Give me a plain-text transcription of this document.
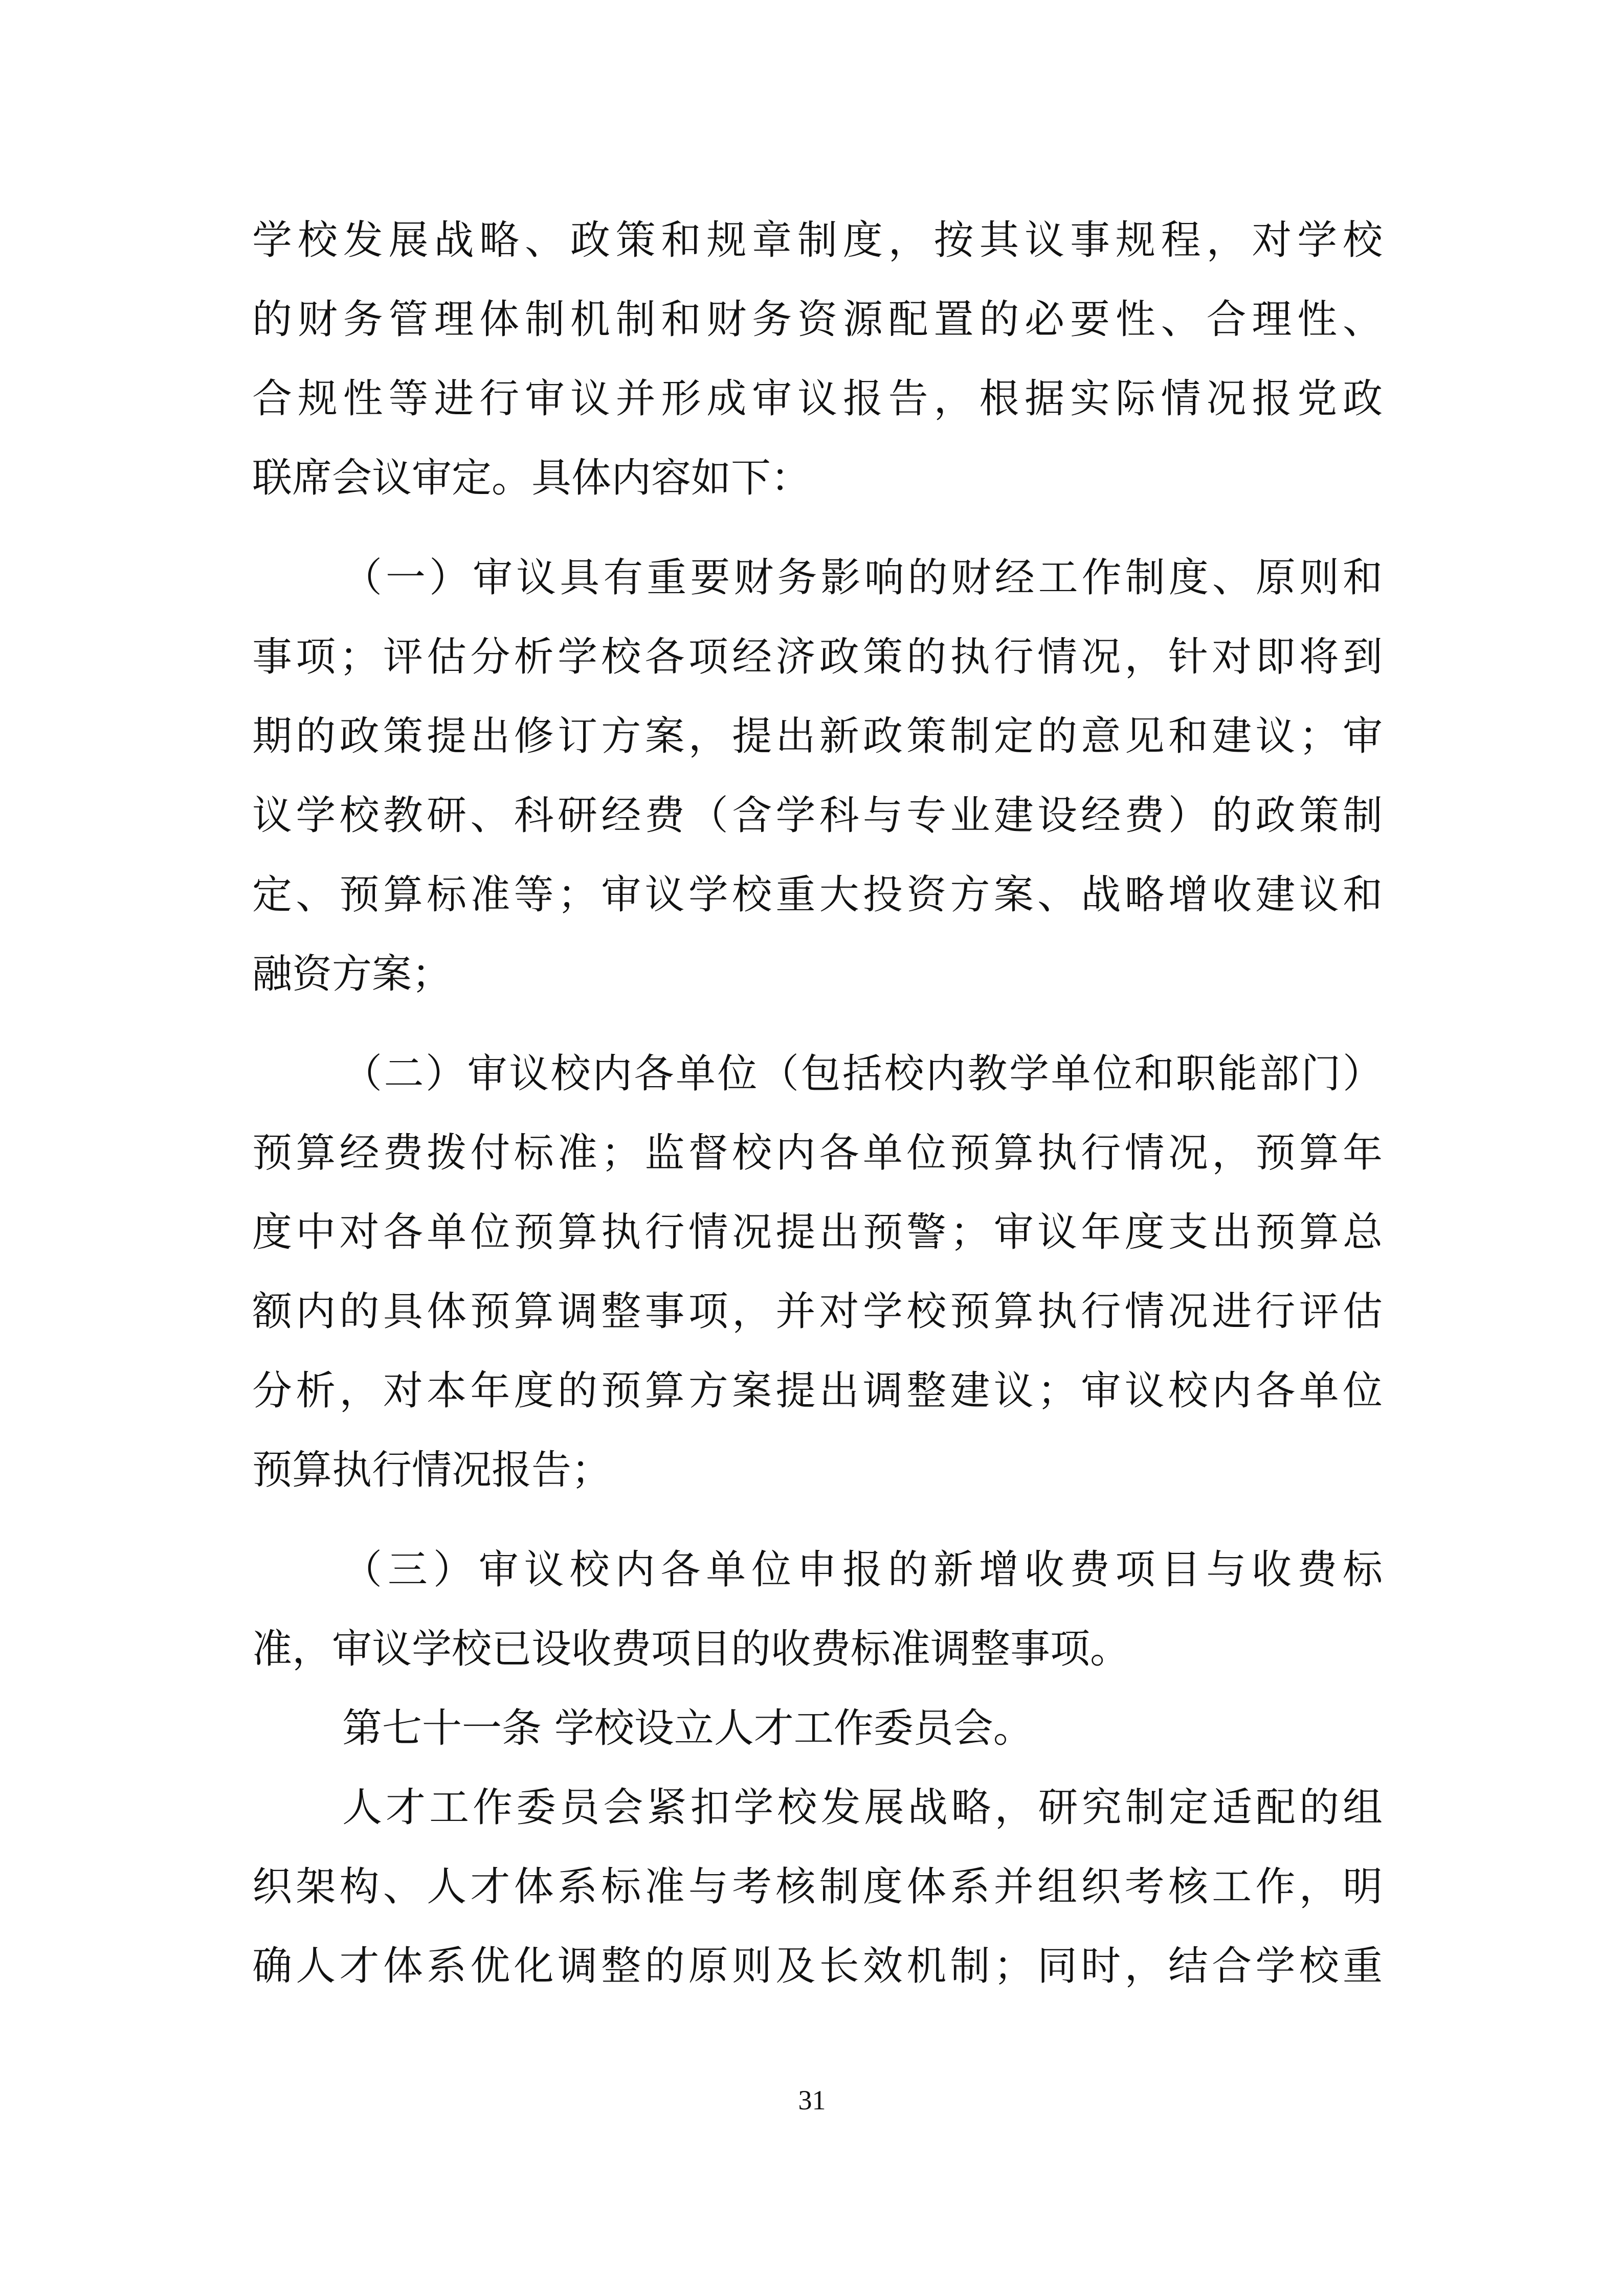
学校发展战略、政策和规章制度，按其议事规程，对学校
的财务管理体制机制和财务资源配置的必要性、合理性、
合规性等进行审议并形成审议报告，根据实际情况报党政
联席会议审定。具体内容如下：
（一）审议具有重要财务影响的财经工作制度、原则和
事项；评估分析学校各项经济政策的执行情况，针对即将到
期的政策提出修订方案，提出新政策制定的意见和建议；审
议学校教研、科研经费（含学科与专业建设经费）的政策制
定、预算标准等；审议学校重大投资方案、战略增收建议和
融资方案；
（二）审议校内各单位（包括校内教学单位和职能部门）
预算经费拨付标准；监督校内各单位预算执行情况，预算年
度中对各单位预算执行情况提出预警；审议年度支出预算总
额内的具体预算调整事项，并对学校预算执行情况进行评估
分析，对本年度的预算方案提出调整建议；审议校内各单位
预算执行情况报告；
（三）审议校内各单位申报的新增收费项目与收费标
准，审议学校已设收费项目的收费标准调整事项。
第七十一条 学校设立人才工作委员会。
人才工作委员会紧扣学校发展战略，研究制定适配的组
织架构、人才体系标准与考核制度体系并组织考核工作，明
确人才体系优化调整的原则及长效机制；同时，结合学校重
31
